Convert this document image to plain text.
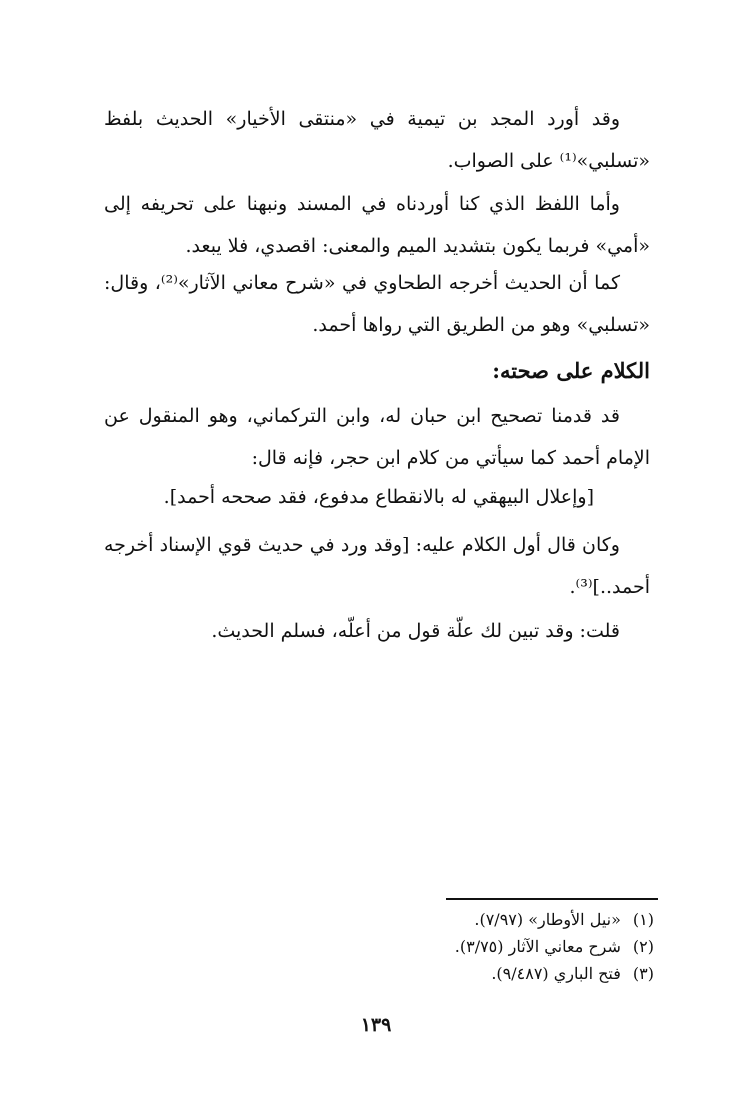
وقد أورد المجد بن تيمية في «منتقى الأخيار» الحديث بلفظ «تسلبي»⁽¹⁾ على الصواب.

وأما اللفظ الذي كنا أوردناه في المسند ونبهنا على تحريفه إلى «أمي» فربما يكون بتشديد الميم والمعنى: اقصدي، فلا يبعد.

كما أن الحديث أخرجه الطحاوي في «شرح معاني الآثار»⁽²⁾، وقال: «تسلبي» وهو من الطريق التي رواها أحمد.

الكلام على صحته:

قد قدمنا تصحيح ابن حبان له، وابن التركماني، وهو المنقول عن الإمام أحمد كما سيأتي من كلام ابن حجر، فإنه قال:

[وإعلال البيهقي له بالانقطاع مدفوع، فقد صححه أحمد].

وكان قال أول الكلام عليه: [وقد ورد في حديث قوي الإسناد أخرجه أحمد..]⁽³⁾.

قلت: وقد تبين لك علّة قول من أعلّه، فسلم الحديث.

(١) «نيل الأوطار» (٧/٩٧).
(٢) شرح معاني الآثار (٣/٧٥).
(٣) فتح الباري (٩/٤٨٧).
١٣٩
